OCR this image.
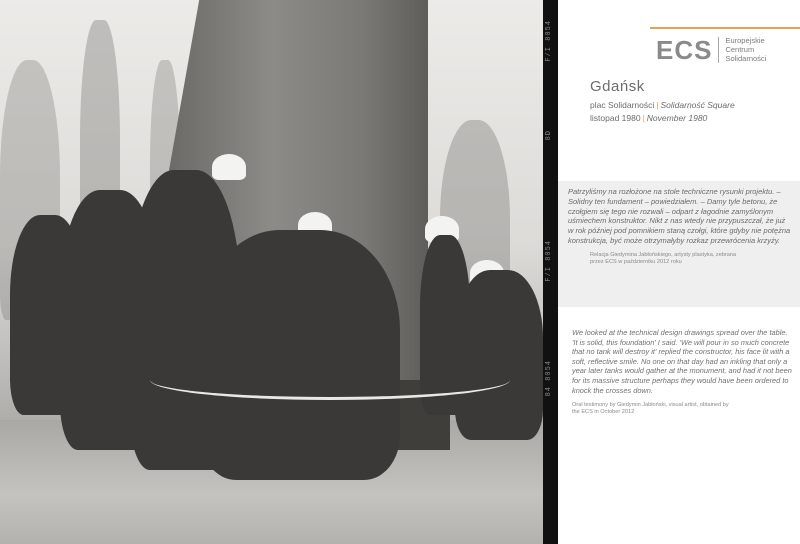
F/I 8054
8D
F/I 8054
84 8054
ECS	Europejskie
Centrum
Solidarności
Gdańsk
plac Solidarności | Solidarność Square
listopad 1980 | November 1980
Patrzyliśmy na rozłożone na stole techniczne rysunki projektu. – Solidny ten fundament – powiedziałem. – Damy tyle betonu, że czołgiem się tego nie rozwali – odpart z łagodnie zamyślonym uśmiechem konstruktor. Nikt z nas wtedy nie przypuszczał, że już w rok później pod pomnikiem staną czołgi, które gdyby nie potężna konstrukcja, być może otrzymałyby rozkaz przewrócenia krzyży.
Relacja Giedymina Jabłońskiego, artysty plastyka, zebrana przez ECS w październiku 2012 roku
We looked at the technical design drawings spread over the table. 'It is solid, this foundation' I said. 'We will pour in so much concrete that no tank will destroy it' replied the constructor, his face lit with a soft, reflective smile. No one on that day had an inkling that only a year later tanks would gather at the monument, and had it not been for its massive structure perhaps they would have been ordered to knock the crosses down.
Oral testimony by Giedymin Jabłoński, visual artist, obtained by the ECS in October 2012
